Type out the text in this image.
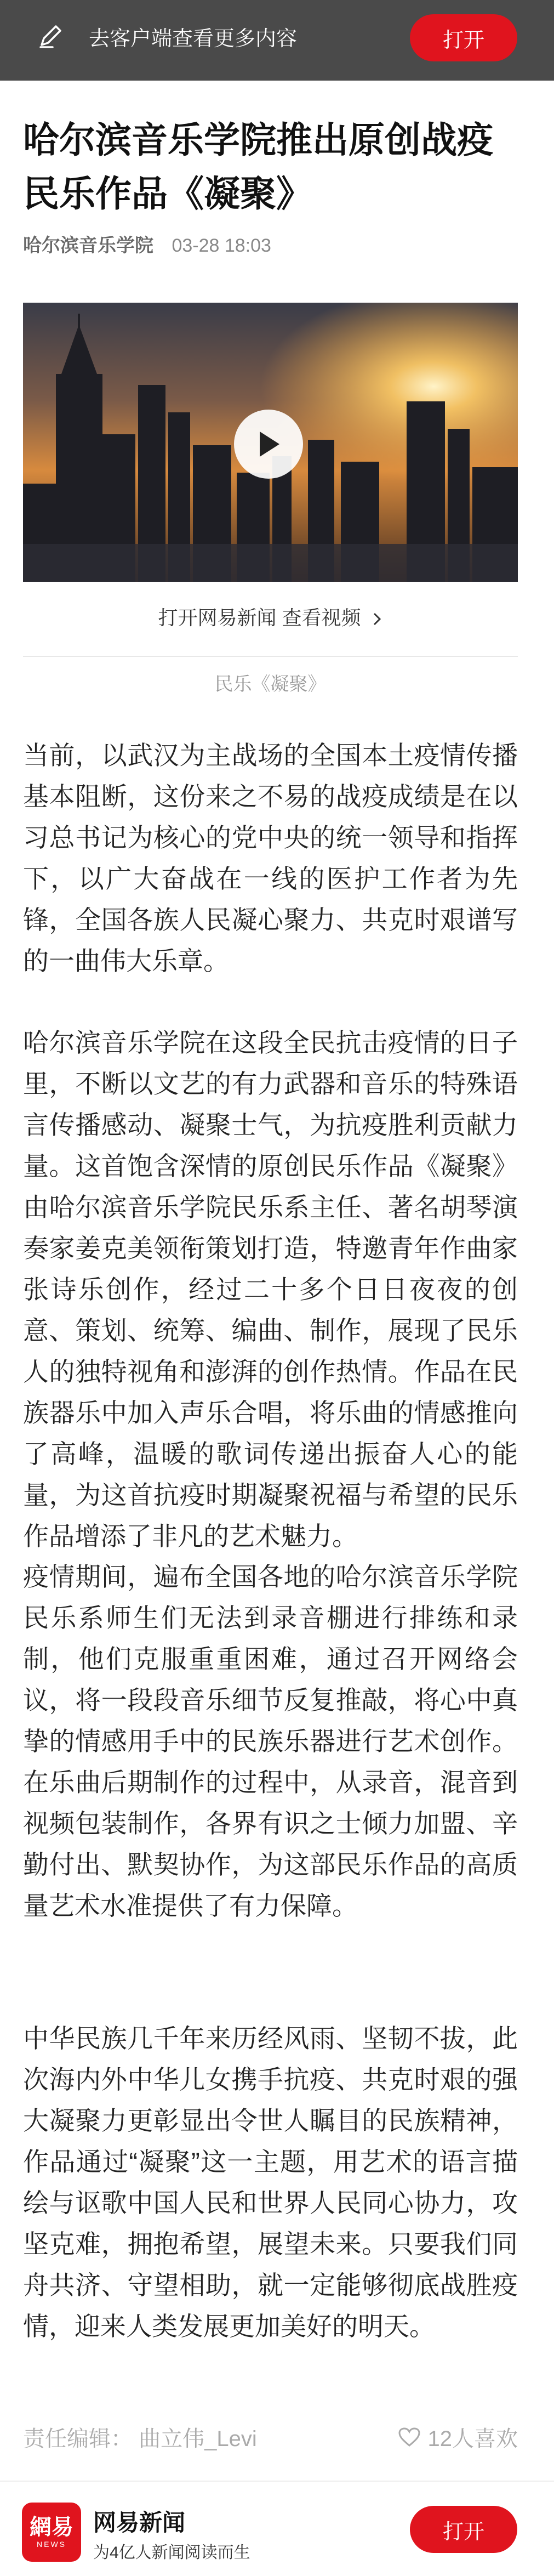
去客户端查看更多内容	打开
哈尔滨音乐学院推出原创战疫民乐作品《凝聚》
哈尔滨音乐学院 03-28 18:03
打开网易新闻 查看视频
民乐《凝聚》

当前，以武汉为主战场的全国本土疫情传播基本阻断，这份来之不易的战疫成绩是在以习总书记为核心的党中央的统一领导和指挥下，以广大奋战在一线的医护工作者为先锋，全国各族人民凝心聚力、共克时艰谱写的一曲伟大乐章。

哈尔滨音乐学院在这段全民抗击疫情的日子里，不断以文艺的有力武器和音乐的特殊语言传播感动、凝聚士气，为抗疫胜利贡献力量。这首饱含深情的原创民乐作品《凝聚》由哈尔滨音乐学院民乐系主任、著名胡琴演奏家姜克美领衔策划打造，特邀青年作曲家张诗乐创作，经过二十多个日日夜夜的创意、策划、统筹、编曲、制作，展现了民乐人的独特视角和澎湃的创作热情。作品在民族器乐中加入声乐合唱，将乐曲的情感推向了高峰，温暖的歌词传递出振奋人心的能量，为这首抗疫时期凝聚祝福与希望的民乐作品增添了非凡的艺术魅力。

疫情期间，遍布全国各地的哈尔滨音乐学院民乐系师生们无法到录音棚进行排练和录制，他们克服重重困难，通过召开网络会议，将一段段音乐细节反复推敲，将心中真挚的情感用手中的民族乐器进行艺术创作。在乐曲后期制作的过程中，从录音，混音到视频包装制作，各界有识之士倾力加盟、辛勤付出、默契协作，为这部民乐作品的高质量艺术水准提供了有力保障。

中华民族几千年来历经风雨、坚韧不拔，此次海内外中华儿女携手抗疫、共克时艰的强大凝聚力更彰显出令世人瞩目的民族精神，作品通过“凝聚”这一主题，用艺术的语言描绘与讴歌中国人民和世界人民同心协力，攻坚克难，拥抱希望，展望未来。只要我们同舟共济、守望相助，就一定能够彻底战胜疫情，迎来人类发展更加美好的明天。

责任编辑： 曲立伟_Levi	12人喜欢
網易
NEWS
网易新闻
为4亿人新闻阅读而生
打开
